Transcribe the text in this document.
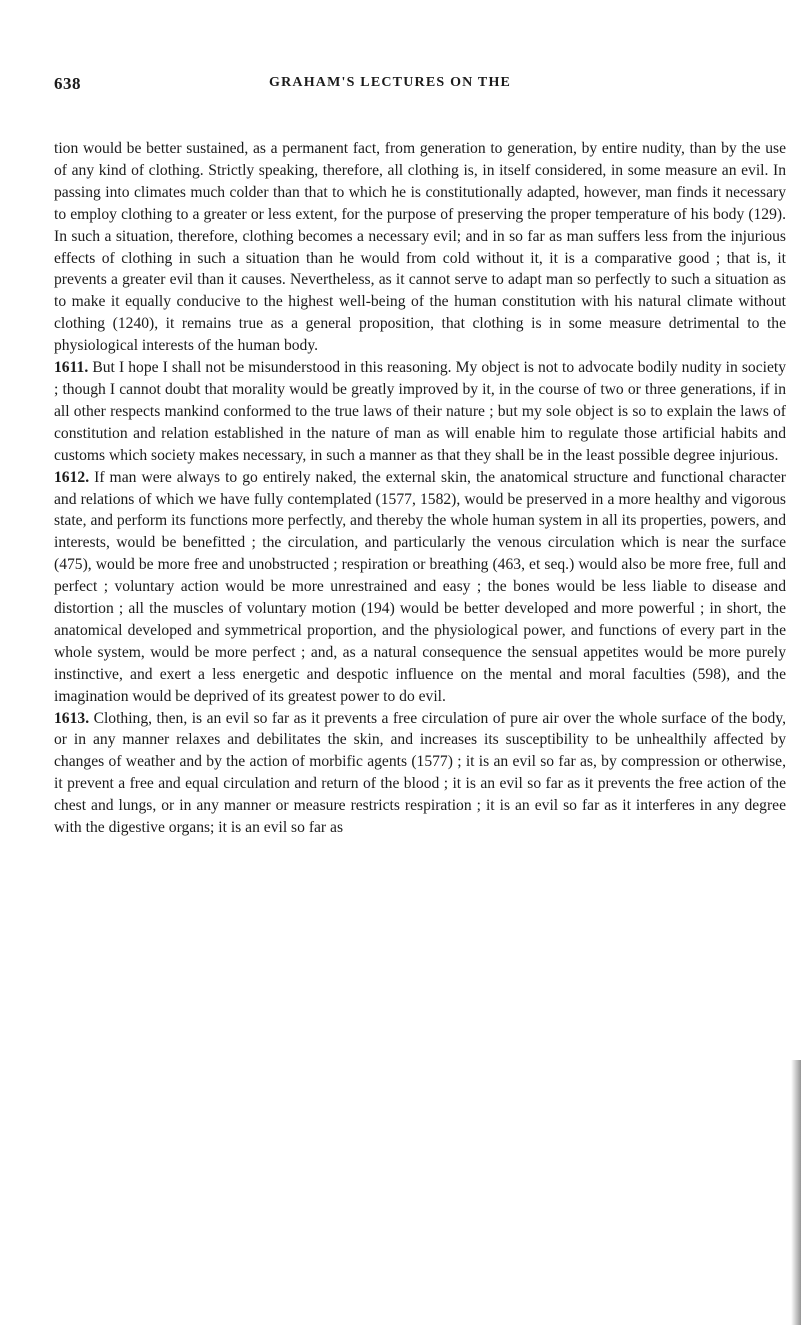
638	GRAHAM'S LECTURES ON THE

tion would be better sustained, as a permanent fact, from generation to generation, by entire nudity, than by the use of any kind of clothing. Strictly speaking, therefore, all clothing is, in itself considered, in some measure an evil. In passing into climates much colder than that to which he is constitutionally adapted, however, man finds it necessary to employ clothing to a greater or less extent, for the purpose of preserving the proper temperature of his body (129). In such a situation, therefore, clothing becomes a necessary evil; and in so far as man suffers less from the injurious effects of clothing in such a situation than he would from cold without it, it is a comparative good ; that is, it prevents a greater evil than it causes. Nevertheless, as it cannot serve to adapt man so perfectly to such a situation as to make it equally conducive to the highest well-being of the human constitution with his natural climate without clothing (1240), it remains true as a general proposition, that clothing is in some measure detrimental to the physiological interests of the human body.

1611. But I hope I shall not be misunderstood in this reasoning. My object is not to advocate bodily nudity in society ; though I cannot doubt that morality would be greatly improved by it, in the course of two or three generations, if in all other respects mankind conformed to the true laws of their nature ; but my sole object is so to explain the laws of constitution and relation established in the nature of man as will enable him to regulate those artificial habits and customs which society makes necessary, in such a manner as that they shall be in the least possible degree injurious.

1612. If man were always to go entirely naked, the external skin, the anatomical structure and functional character and relations of which we have fully contemplated (1577, 1582), would be preserved in a more healthy and vigorous state, and perform its functions more perfectly, and thereby the whole human system in all its properties, powers, and interests, would be benefitted ; the circulation, and particularly the venous circulation which is near the surface (475), would be more free and unobstructed ; respiration or breathing (463, et seq.) would also be more free, full and perfect ; voluntary action would be more unrestrained and easy ; the bones would be less liable to disease and distortion ; all the muscles of voluntary motion (194) would be better developed and more powerful ; in short, the anatomical developed and symmetrical proportion, and the physiological power, and functions of every part in the whole system, would be more perfect ; and, as a natural consequence the sensual appetites would be more purely instinctive, and exert a less energetic and despotic influence on the mental and moral faculties (598), and the imagination would be deprived of its greatest power to do evil.

1613. Clothing, then, is an evil so far as it prevents a free circulation of pure air over the whole surface of the body, or in any manner relaxes and debilitates the skin, and increases its susceptibility to be unhealthily affected by changes of weather and by the action of morbific agents (1577) ; it is an evil so far as, by compression or otherwise, it prevent a free and equal circulation and return of the blood ; it is an evil so far as it prevents the free action of the chest and lungs, or in any manner or measure restricts respiration ; it is an evil so far as it interferes in any degree with the digestive organs; it is an evil so far as
